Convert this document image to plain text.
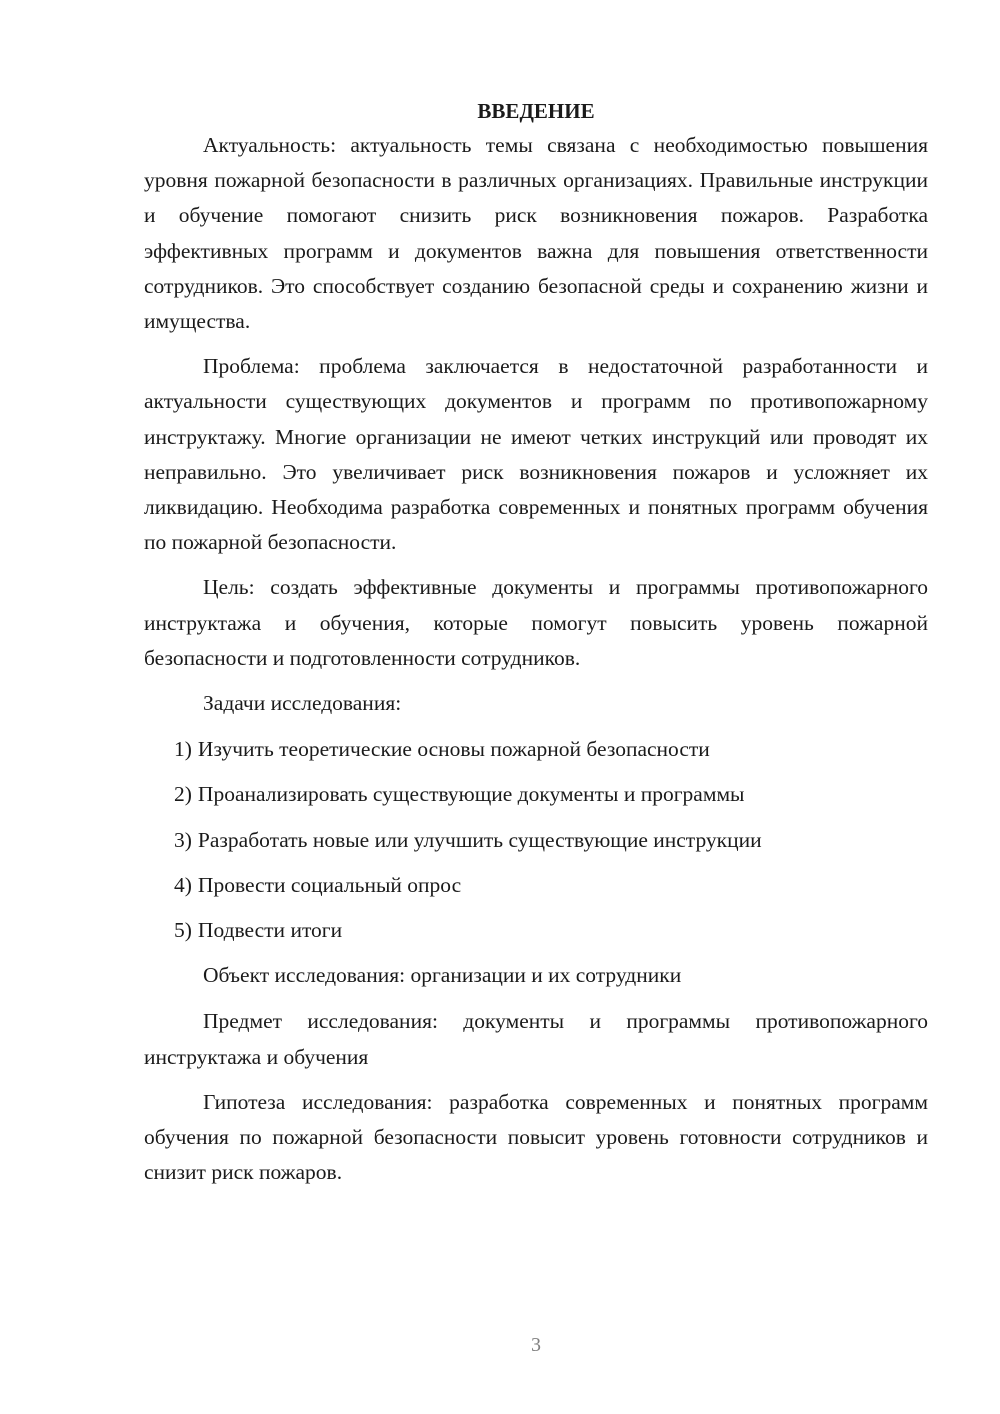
ВВЕДЕНИЕ

Актуальность: актуальность темы связана с необходимостью повышения уровня пожарной безопасности в различных организациях. Правильные инструкции и обучение помогают снизить риск возникновения пожаров. Разработка эффективных программ и документов важна для повышения ответственности сотрудников. Это способствует созданию безопасной среды и сохранению жизни и имущества.

Проблема: проблема заключается в недостаточной разработанности и актуальности существующих документов и программ по противопожарному инструктажу. Многие организации не имеют четких инструкций или проводят их неправильно. Это увеличивает риск возникновения пожаров и усложняет их ликвидацию. Необходима разработка современных и понятных программ обучения по пожарной безопасности.

Цель: создать эффективные документы и программы противопожарного инструктажа и обучения, которые помогут повысить уровень пожарной безопасности и подготовленности сотрудников.

Задачи исследования:

1) Изучить теоретические основы пожарной безопасности
2) Проанализировать существующие документы и программы
3) Разработать новые или улучшить существующие инструкции
4) Провести социальный опрос
5) Подвести итоги

Объект исследования: организации и их сотрудники

Предмет исследования: документы и программы противопожарного инструктажа и обучения

Гипотеза исследования: разработка современных и понятных программ обучения по пожарной безопасности повысит уровень готовности сотрудников и снизит риск пожаров.

3
